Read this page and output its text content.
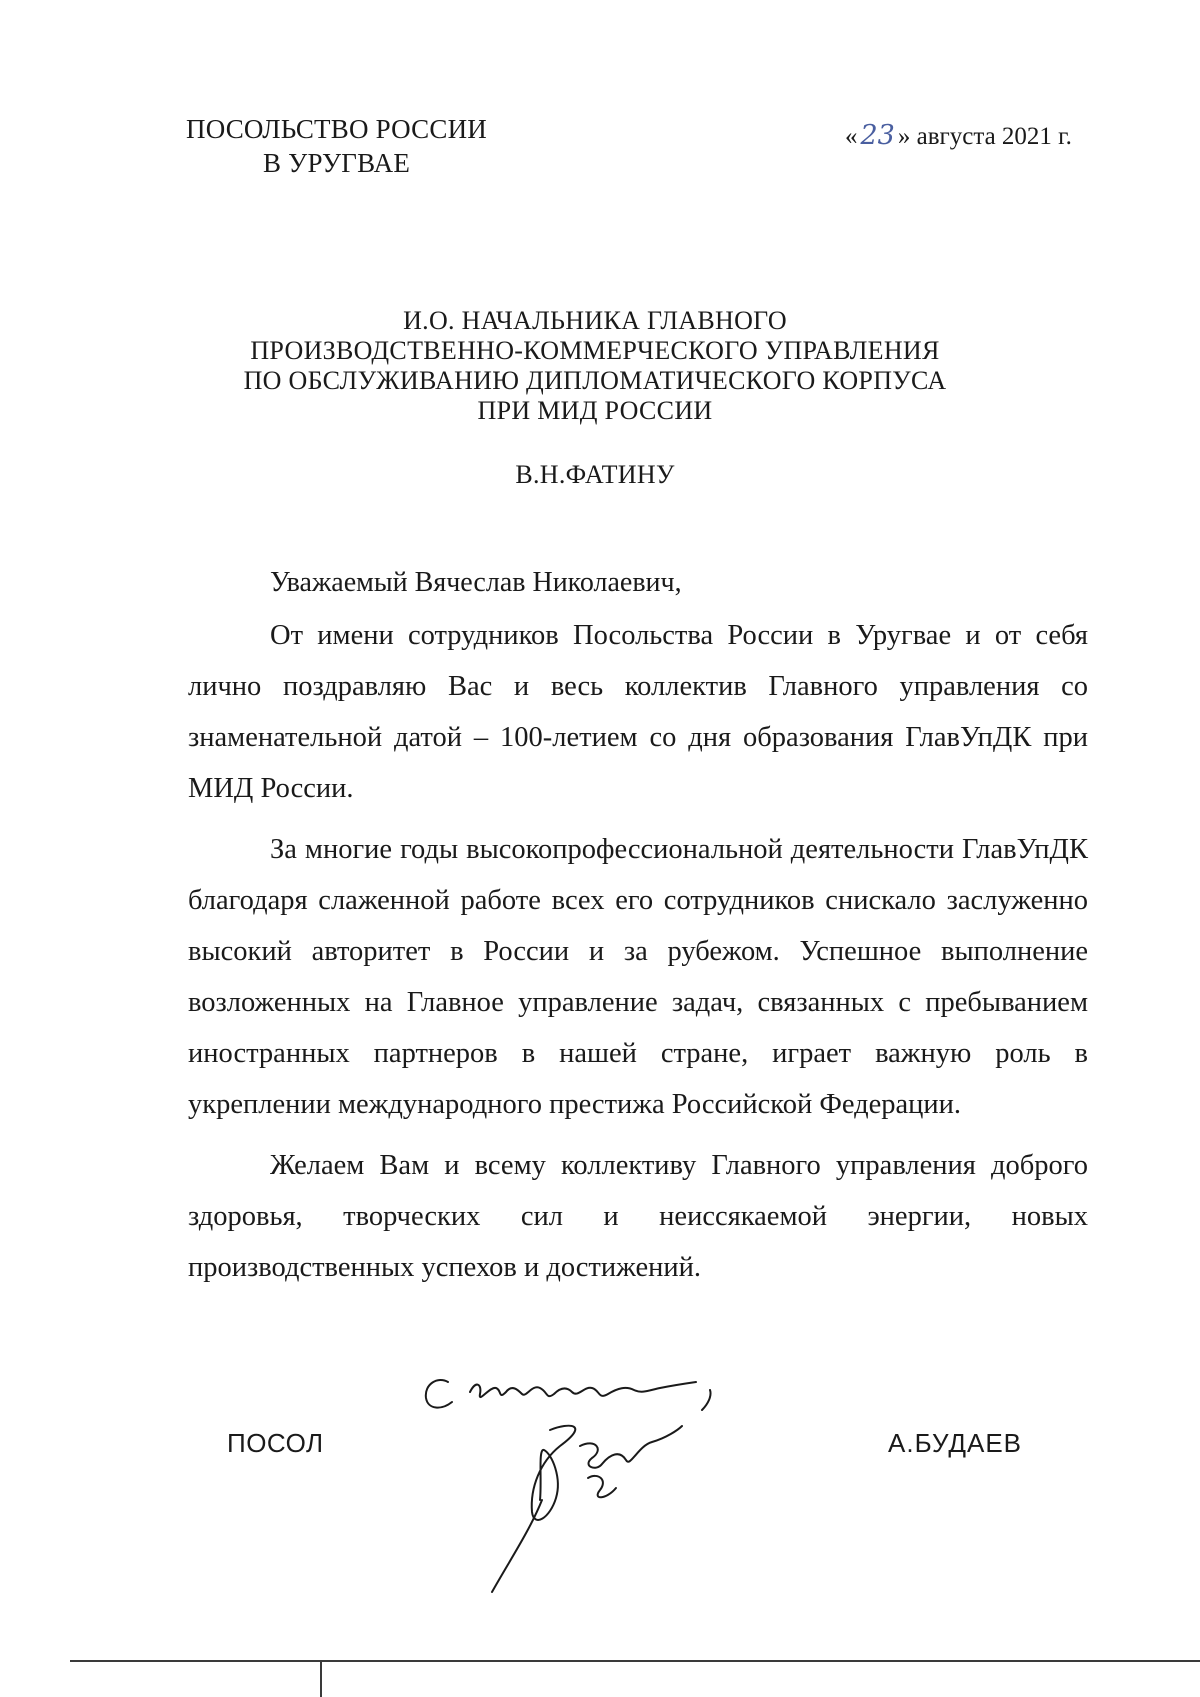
ПОСОЛЬСТВО РОССИИ
В УРУГВАЕ
« 23 » августа 2021 г.
И.О. НАЧАЛЬНИКА ГЛАВНОГО
ПРОИЗВОДСТВЕННО-КОММЕРЧЕСКОГО УПРАВЛЕНИЯ
ПО ОБСЛУЖИВАНИЮ ДИПЛОМАТИЧЕСКОГО КОРПУСА
ПРИ МИД РОССИИ
В.Н.ФАТИНУ
Уважаемый Вячеслав Николаевич,

От имени сотрудников Посольства России в Уругвае и от себя лично поздравляю Вас и весь коллектив Главного управления со знаменательной датой – 100-летием со дня образования ГлавУпДК при МИД России.

За многие годы высокопрофессиональной деятельности ГлавУпДК благодаря слаженной работе всех его сотрудников снискало заслуженно высокий авторитет в России и за рубежом. Успешное выполнение возложенных на Главное управление задач, связанных с пребыванием иностранных партнеров в нашей стране, играет важную роль в укреплении международного престижа Российской Федерации.

Желаем Вам и всему коллективу Главного управления доброго здоровья, творческих сил и неиссякаемой энергии, новых производственных успехов и достижений.

ПОСОЛ	А.БУДАЕВ
